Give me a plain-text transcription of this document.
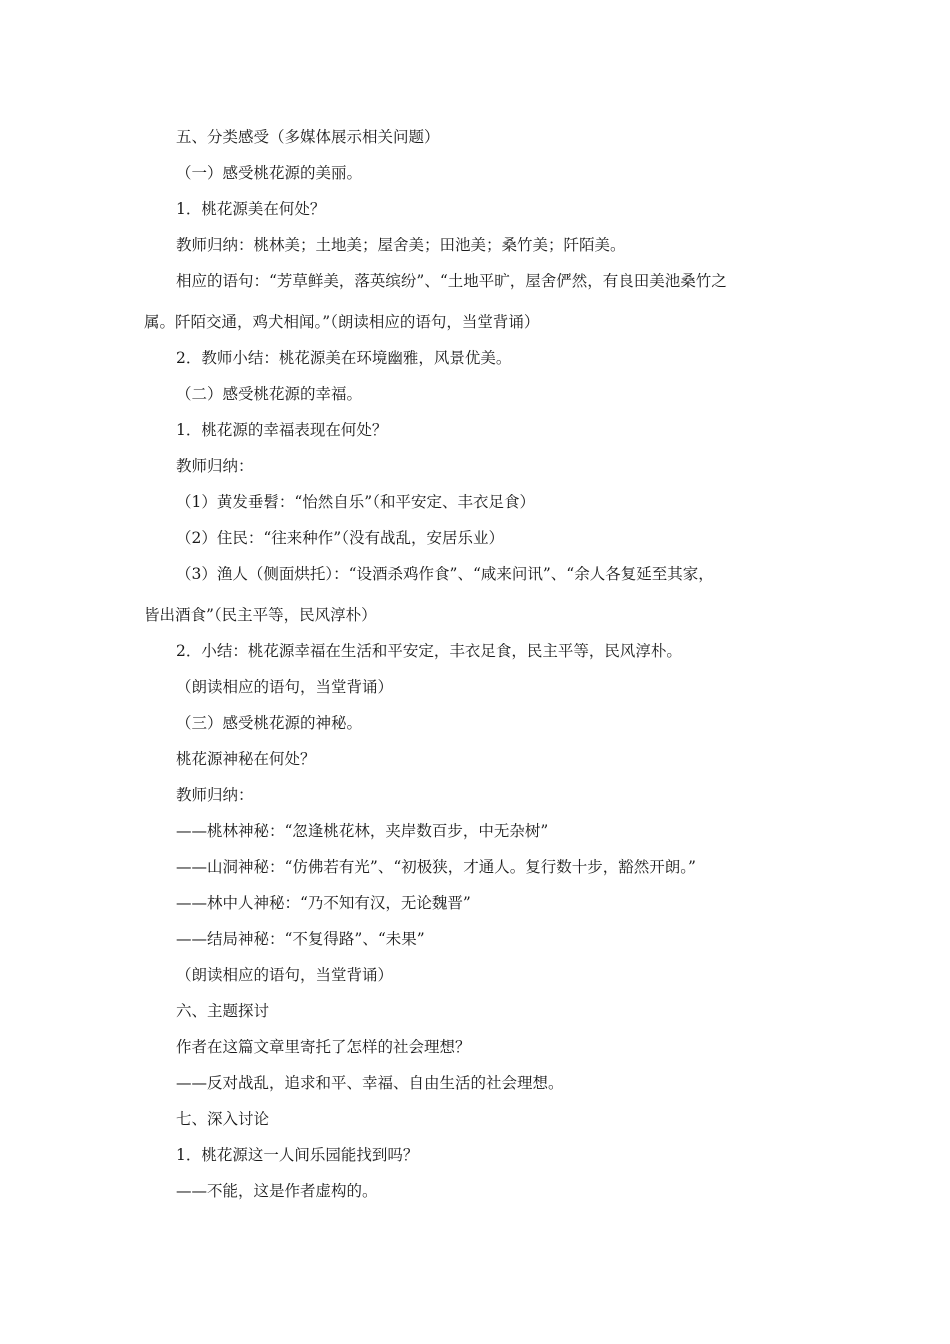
五、分类感受（多媒体展示相关问题）
（一）感受桃花源的美丽。
1．桃花源美在何处？
教师归纳：桃林美；土地美；屋舍美；田池美；桑竹美；阡陌美。
相应的语句：“芳草鲜美，落英缤纷”、“土地平旷，屋舍俨然，有良田美池桑竹之
属。阡陌交通，鸡犬相闻。”（朗读相应的语句，当堂背诵）
2．教师小结：桃花源美在环境幽雅，风景优美。
（二）感受桃花源的幸福。
1．桃花源的幸福表现在何处？
教师归纳：
（1）黄发垂髫：“怡然自乐”（和平安定、丰衣足食）
（2）住民：“往来种作”（没有战乱，安居乐业）
（3）渔人（侧面烘托）：“设酒杀鸡作食”、“咸来问讯”、“余人各复延至其家，
皆出酒食”（民主平等，民风淳朴）
2．小结：桃花源幸福在生活和平安定，丰衣足食，民主平等，民风淳朴。
（朗读相应的语句，当堂背诵）
（三）感受桃花源的神秘。
桃花源神秘在何处？
教师归纳：
——桃林神秘：“忽逢桃花林，夹岸数百步，中无杂树”
——山洞神秘：“仿佛若有光”、“初极狭，才通人。复行数十步，豁然开朗。”
——林中人神秘：“乃不知有汉，无论魏晋”
——结局神秘：“不复得路”、“未果”
（朗读相应的语句，当堂背诵）
六、主题探讨
作者在这篇文章里寄托了怎样的社会理想？
——反对战乱，追求和平、幸福、自由生活的社会理想。
七、深入讨论
1．桃花源这一人间乐园能找到吗？
——不能，这是作者虚构的。
